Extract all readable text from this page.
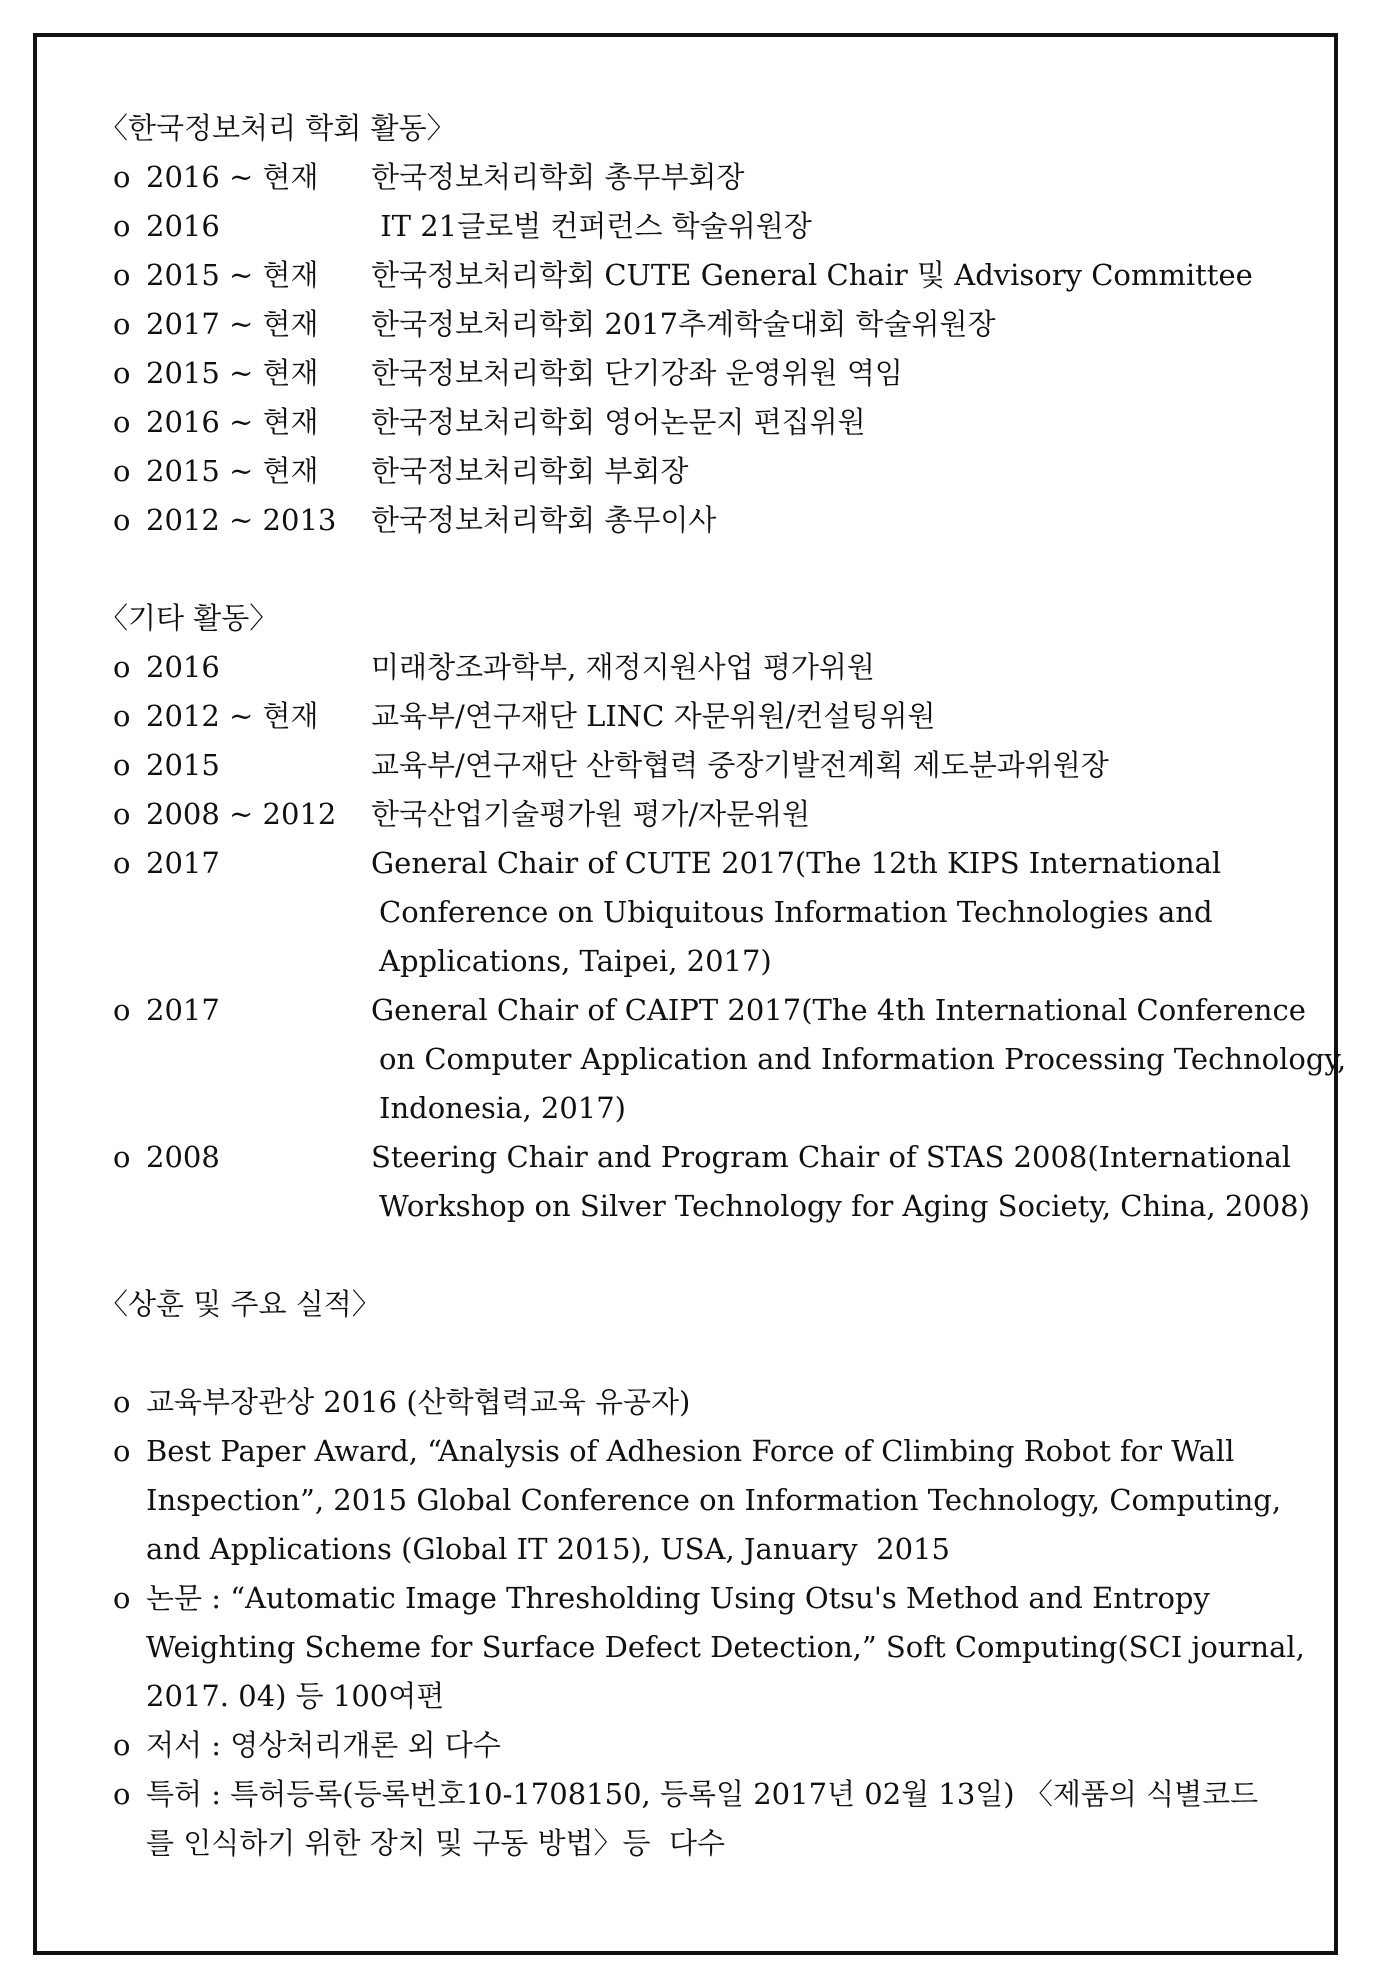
〈한국정보처리 학회 활동〉
o 2016 ~ 현재	한국정보처리학회 총무부회장
o 2016	IT 21글로벌 컨퍼런스 학술위원장
o 2015 ~ 현재	한국정보처리학회 CUTE General Chair 및 Advisory Committee
o 2017 ~ 현재	한국정보처리학회 2017추계학술대회 학술위원장
o 2015 ~ 현재	한국정보처리학회 단기강좌 운영위원 역임
o 2016 ~ 현재	한국정보처리학회 영어논문지 편집위원
o 2015 ~ 현재	한국정보처리학회 부회장
o 2012 ~ 2013	한국정보처리학회 총무이사
〈기타 활동〉
o 2016	미래창조과학부, 재정지원사업 평가위원
o 2012 ~ 현재	교육부/연구재단 LINC 자문위원/컨설팅위원
o 2015	교육부/연구재단 산학협력 중장기발전계획 제도분과위원장
o 2008 ~ 2012	한국산업기술평가원 평가/자문위원
o 2017	General Chair of CUTE 2017(The 12th KIPS International
Conference on Ubiquitous Information Technologies and
Applications, Taipei, 2017)
o 2017	General Chair of CAIPT 2017(The 4th International Conference
on Computer Application and Information Processing Technology,
Indonesia, 2017)
o 2008	Steering Chair and Program Chair of STAS 2008(International
Workshop on Silver Technology for Aging Society, China, 2008)
〈상훈 및 주요 실적〉
o 교육부장관상 2016 (산학협력교육 유공자)
o Best Paper Award, “Analysis of Adhesion Force of Climbing Robot for Wall
Inspection”, 2015 Global Conference on Information Technology, Computing,
and Applications (Global IT 2015), USA, January  2015
o 논문 : “Automatic Image Thresholding Using Otsu's Method and Entropy
Weighting Scheme for Surface Defect Detection,” Soft Computing(SCI journal,
2017. 04) 등 100여편
o 저서 : 영상처리개론 외 다수
o 특허 : 특허등록(등록번호10-1708150, 등록일 2017년 02월 13일) 〈제품의 식별코드
를 인식하기 위한 장치 및 구동 방법〉등  다수
